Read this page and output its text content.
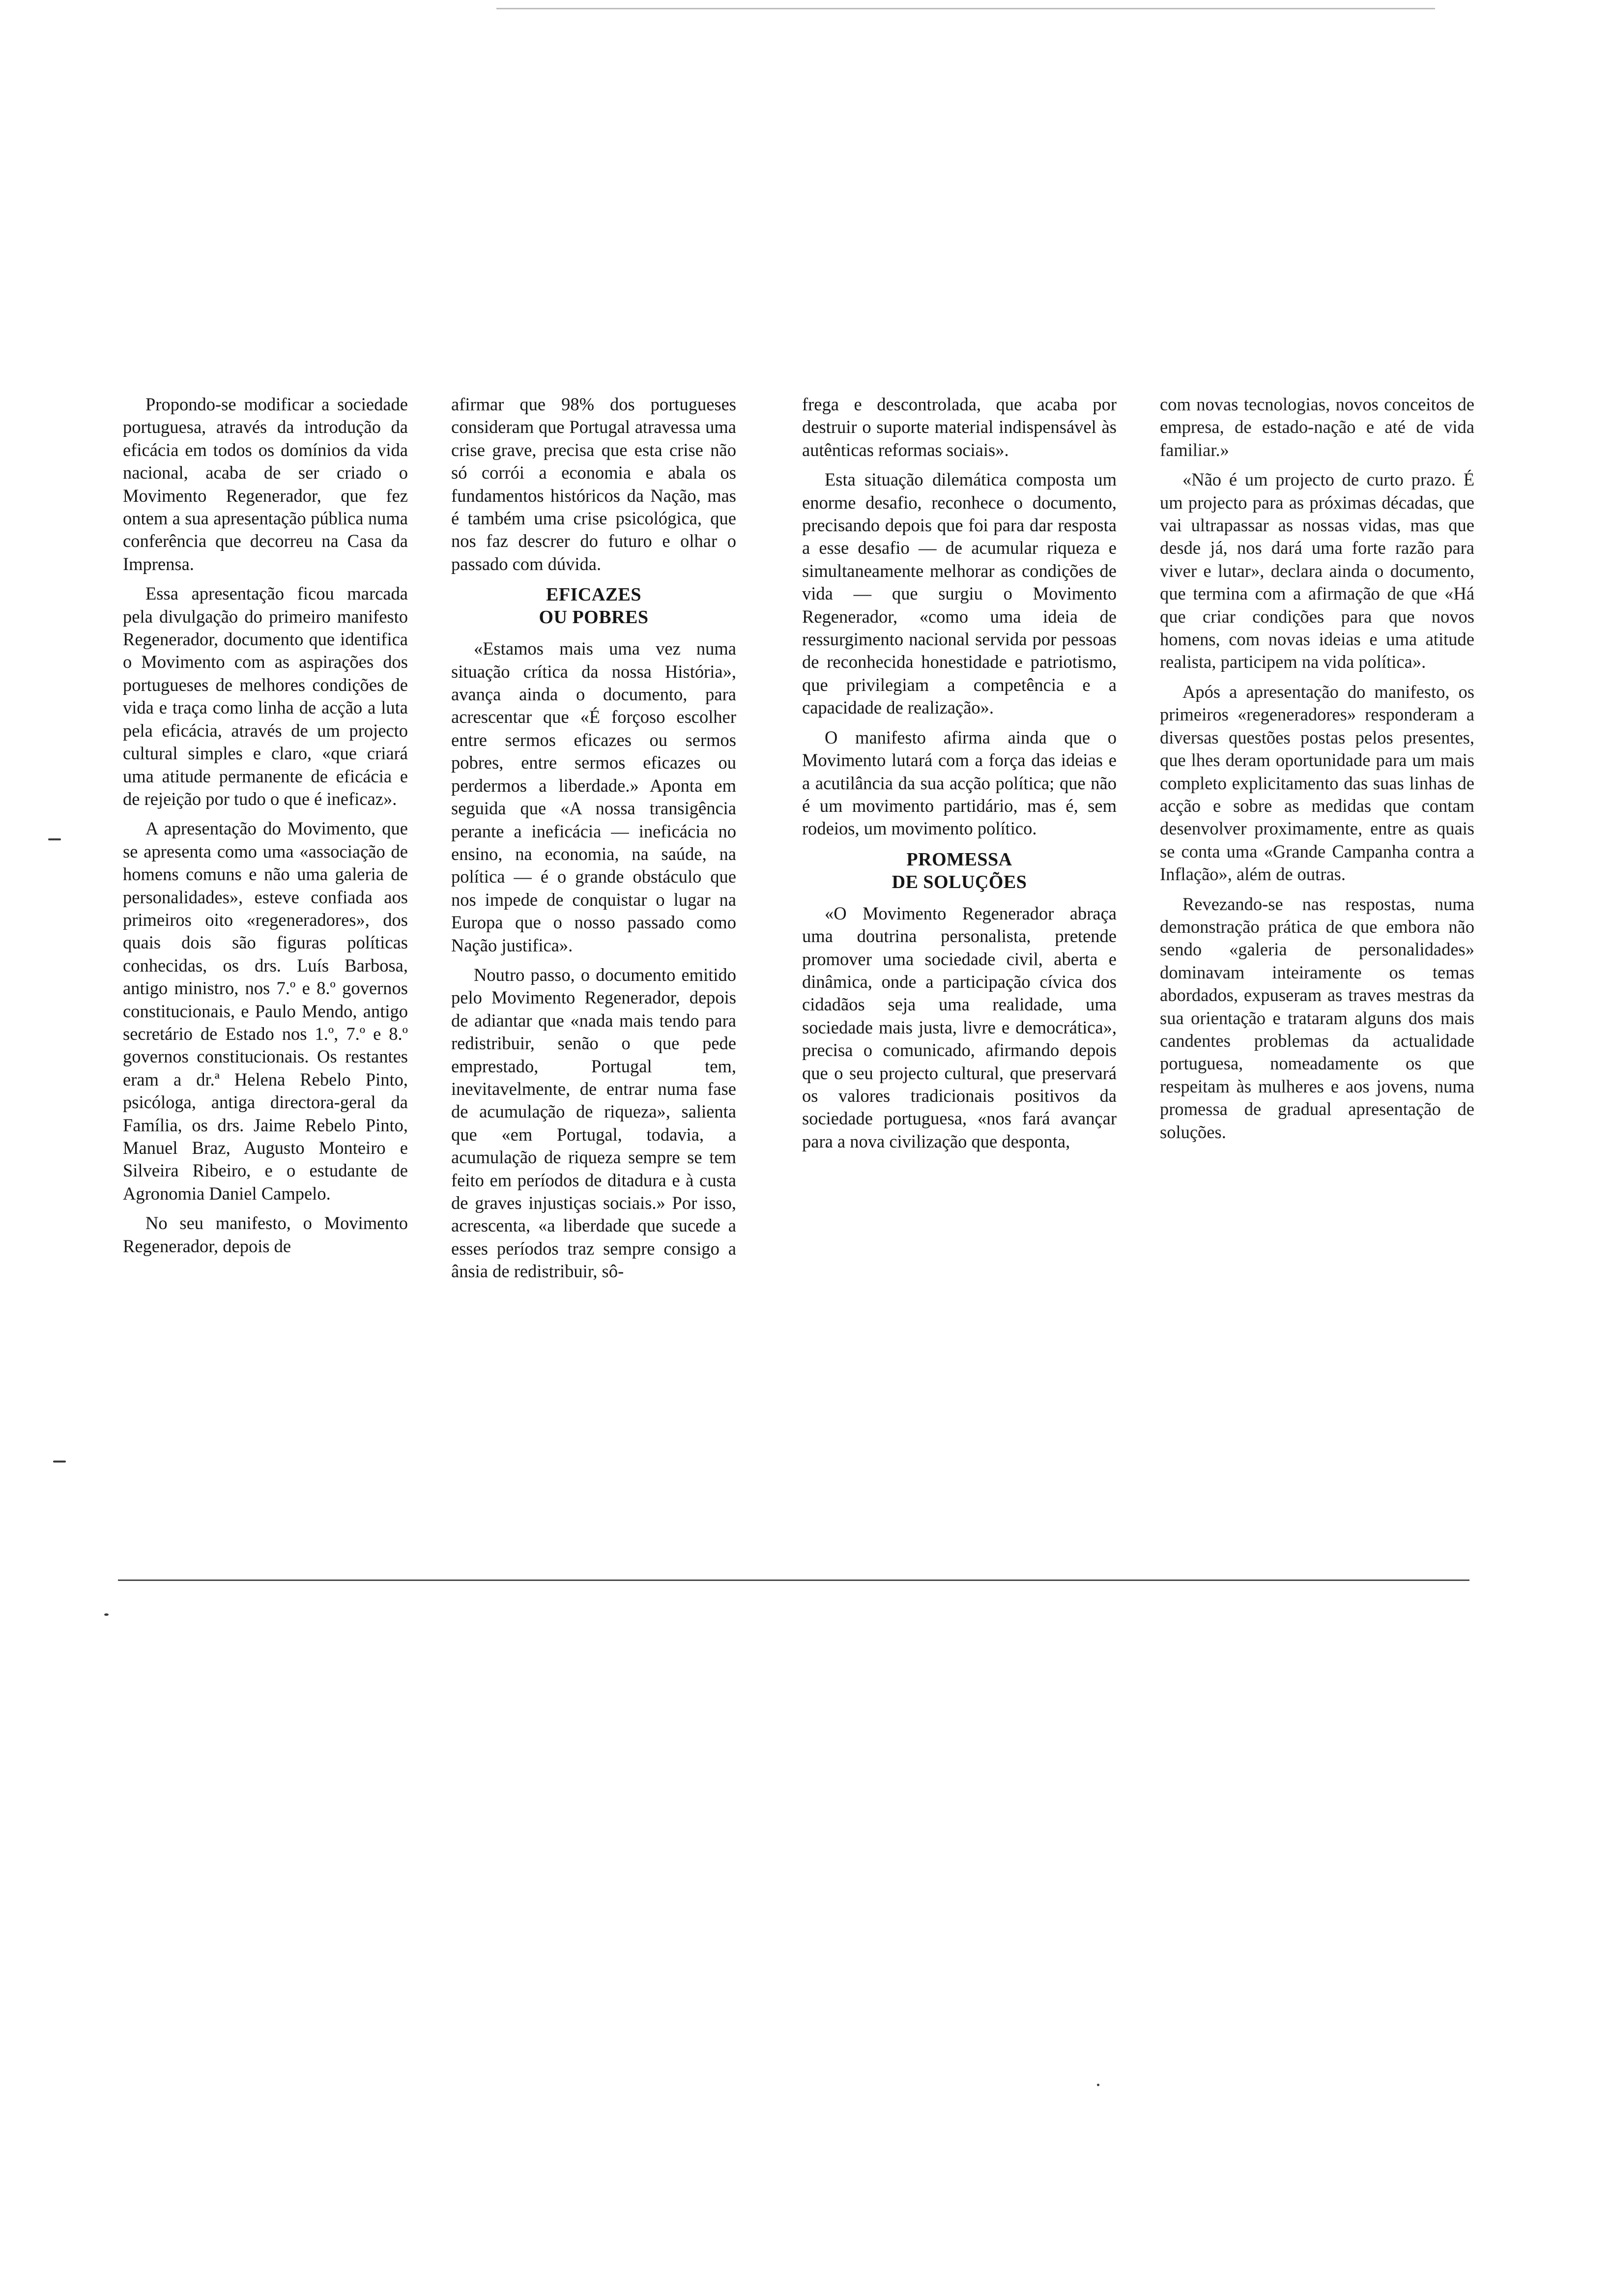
Propondo-se modificar a sociedade portuguesa, através da introdução da eficácia em todos os domínios da vida nacional, acaba de ser criado o Movimento Regenerador, que fez ontem a sua apresentação pública numa conferência que decorreu na Casa da Imprensa.

Essa apresentação ficou marcada pela divulgação do primeiro manifesto Regenerador, documento que identifica o Movimento com as aspirações dos portugueses de melhores condições de vida e traça como linha de acção a luta pela eficácia, através de um projecto cultural simples e claro, «que criará uma atitude permanente de eficácia e de rejeição por tudo o que é ineficaz».

A apresentação do Movimento, que se apresenta como uma «associação de homens comuns e não uma galeria de personalidades», esteve confiada aos primeiros oito «regeneradores», dos quais dois são figuras políticas conhecidas, os drs. Luís Barbosa, antigo ministro, nos 7.º e 8.º governos constitucionais, e Paulo Mendo, antigo secretário de Estado nos 1.º, 7.º e 8.º governos constitucionais. Os restantes eram a dr.ª Helena Rebelo Pinto, psicóloga, antiga directora-geral da Família, os drs. Jaime Rebelo Pinto, Manuel Braz, Augusto Monteiro e Silveira Ribeiro, e o estudante de Agronomia Daniel Campelo.

No seu manifesto, o Movimento Regenerador, depois de

afirmar que 98% dos portugueses consideram que Portugal atravessa uma crise grave, precisa que esta crise não só corrói a economia e abala os fundamentos históricos da Nação, mas é também uma crise psicológica, que nos faz descrer do futuro e olhar o passado com dúvida.

EFICAZES
OU POBRES

«Estamos mais uma vez numa situação crítica da nossa História», avança ainda o documento, para acrescentar que «É forçoso escolher entre sermos eficazes ou sermos pobres, entre sermos eficazes ou perdermos a liberdade.» Aponta em seguida que «A nossa transigência perante a ineficácia — ineficácia no ensino, na economia, na saúde, na política — é o grande obstáculo que nos impede de conquistar o lugar na Europa que o nosso passado como Nação justifica».

Noutro passo, o documento emitido pelo Movimento Regenerador, depois de adiantar que «nada mais tendo para redistribuir, senão o que pede emprestado, Portugal tem, inevitavelmente, de entrar numa fase de acumulação de riqueza», salienta que «em Portugal, todavia, a acumulação de riqueza sempre se tem feito em períodos de ditadura e à custa de graves injustiças sociais.» Por isso, acrescenta, «a liberdade que sucede a esses períodos traz sempre consigo a ânsia de redistribuir, sô-

frega e descontrolada, que acaba por destruir o suporte material indispensável às autênticas reformas sociais».

Esta situação dilemática composta um enorme desafio, reconhece o documento, precisando depois que foi para dar resposta a esse desafio — de acumular riqueza e simultaneamente melhorar as condições de vida — que surgiu o Movimento Regenerador, «como uma ideia de ressurgimento nacional servida por pessoas de reconhecida honestidade e patriotismo, que privilegiam a competência e a capacidade de realização».

O manifesto afirma ainda que o Movimento lutará com a força das ideias e a acutilância da sua acção política; que não é um movimento partidário, mas é, sem rodeios, um movimento político.

PROMESSA
DE SOLUÇÕES

«O Movimento Regenerador abraça uma doutrina personalista, pretende promover uma sociedade civil, aberta e dinâmica, onde a participação cívica dos cidadãos seja uma realidade, uma sociedade mais justa, livre e democrática», precisa o comunicado, afirmando depois que o seu projecto cultural, que preservará os valores tradicionais positivos da sociedade portuguesa, «nos fará avançar para a nova civilização que desponta,

com novas tecnologias, novos conceitos de empresa, de estado-nação e até de vida familiar.»

«Não é um projecto de curto prazo. É um projecto para as próximas décadas, que vai ultrapassar as nossas vidas, mas que desde já, nos dará uma forte razão para viver e lutar», declara ainda o documento, que termina com a afirmação de que «Há que criar condições para que novos homens, com novas ideias e uma atitude realista, participem na vida política».

Após a apresentação do manifesto, os primeiros «regeneradores» responderam a diversas questões postas pelos presentes, que lhes deram oportunidade para um mais completo explicitamento das suas linhas de acção e sobre as medidas que contam desenvolver proximamente, entre as quais se conta uma «Grande Campanha contra a Inflação», além de outras.

Revezando-se nas respostas, numa demonstração prática de que embora não sendo «galeria de personalidades» dominavam inteiramente os temas abordados, expuseram as traves mestras da sua orientação e trataram alguns dos mais candentes problemas da actualidade portuguesa, nomeadamente os que respeitam às mulheres e aos jovens, numa promessa de gradual apresentação de soluções.
